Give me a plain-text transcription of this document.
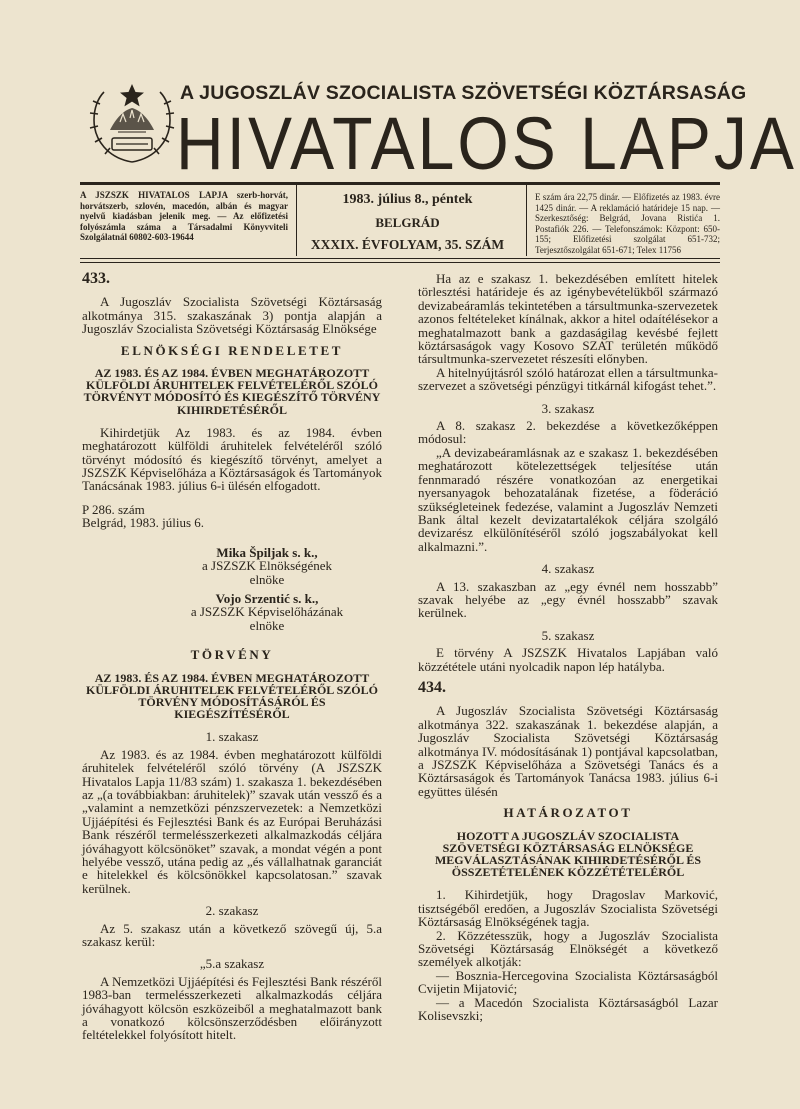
A JUGOSZLÁV SZOCIALISTA SZÖVETSÉGI KÖZTÁRSASÁG
HIVATALOS LAPJA
A JSZSZK HIVATALOS LAPJA szerb-horvát, horvátszerb, szlovén, macedón, albán és magyar nyelvű kiadásban jelenik meg. — Az előfizetési folyószámla száma a Társadalmi Könyvviteli Szolgálatnál 60802-603-19644
1983. július 8., péntek
BELGRÁD
XXXIX. ÉVFOLYAM, 35. SZÁM
E szám ára 22,75 dinár. — Előfizetés az 1983. évre 1425 dinár. — A reklamáció határideje 15 nap. — Szerkesztőség: Belgrád, Jovana Ristića 1. Postafiók 226. — Telefonszámok: Központ: 650-155; Előfizetési szolgálat 651-732; Terjesztőszolgálat 651-671; Telex 11756
433.

A Jugoszláv Szocialista Szövetségi Köztársaság alkotmánya 315. szakaszának 3) pontja alapján a Jugoszláv Szocialista Szövetségi Köztársaság Elnöksége

ELNÖKSÉGI RENDELETET

AZ 1983. ÉS AZ 1984. ÉVBEN MEGHATÁROZOTT KÜLFÖLDI ÁRUHITELEK FELVÉTELÉRŐL SZÓLÓ TÖRVÉNYT MÓDOSÍTÓ ÉS KIEGÉSZÍTŐ TÖRVÉNY KIHIRDETÉSÉRŐL

Kihirdetjük Az 1983. és az 1984. évben meghatározott külföldi áruhitelek felvételéről szóló törvényt módosító és kiegészítő törvényt, amelyet a JSZSZK Képviselőháza a Köztársaságok és Tartományok Tanácsának 1983. július 6-i ülésén elfogadott.

P 286. szám
Belgrád, 1983. július 6.
Mika Špiljak s. k.,
a JSZSZK Elnökségének
elnöke
Vojo Srzentić s. k.,
a JSZSZK Képviselőházának
elnöke
TÖRVÉNY

AZ 1983. ÉS AZ 1984. ÉVBEN MEGHATÁROZOTT KÜLFÖLDI ÁRUHITELEK FELVÉTELÉRŐL SZÓLÓ TÖRVÉNY MÓDOSÍTÁSÁRÓL ÉS KIEGÉSZÍTÉSÉRŐL

1. szakasz

Az 1983. és az 1984. évben meghatározott külföldi áruhitelek felvételéről szóló törvény (A JSZSZK Hivatalos Lapja 11/83 szám) 1. szakasza 1. bekezdésében az „(a továbbiakban: áruhitelek)” szavak után vessző és a „valamint a nemzetközi pénzszervezetek: a Nemzetközi Ujjáépítési és Fejlesztési Bank és az Európai Beruházási Bank részéről termelésszerkezeti alkalmazkodás céljára jóváhagyott kölcsönöket” szavak, a mondat végén a pont helyébe vessző, utána pedig az „és vállalhatnak garanciát e hitelekkel és kölcsönökkel kapcsolatosan.” szavak kerülnek.

2. szakasz

Az 5. szakasz után a következő szövegű új, 5.a szakasz kerül:

„5.a szakasz

A Nemzetközi Ujjáépítési és Fejlesztési Bank részéről 1983-ban termelésszerkezeti alkalmazkodás céljára jóváhagyott kölcsön eszközeiből a meghatalmazott bank a vonatkozó kölcsönszerződésben előirányzott feltételekkel folyósított hitelt.

Ha az e szakasz 1. bekezdésében említett hitelek törlesztési határideje és az igénybevételükből származó devizabeáramlás tekintetében a társultmunka-szervezetek azonos feltételeket kínálnak, akkor a hitel odaítélésekor a meghatalmazott bank a gazdaságilag kevésbé fejlett köztársaságok vagy Kosovo SZAT területén működő társultmunka-szervezetet részesíti előnyben.

A hitelnyújtásról szóló határozat ellen a társultmunka-szervezet a szövetségi pénzügyi titkárnál kifogást tehet.”.

3. szakasz

A 8. szakasz 2. bekezdése a következőképpen módosul:

„A devizabeáramlásnak az e szakasz 1. bekezdésében meghatározott kötelezettségek teljesítése után fennmaradó részére vonatkozóan az energetikai nyersanyagok behozatalának fizetése, a föderáció szükségleteinek fedezése, valamint a Jugoszláv Nemzeti Bank által kezelt devizatartalékok céljára szolgáló devizarész elkülönítéséről szóló jogszabályokat kell alkalmazni.”.

4. szakasz

A 13. szakaszban az „egy évnél nem hosszabb” szavak helyébe az „egy évnél hosszabb” szavak kerülnek.

5. szakasz

E törvény A JSZSZK Hivatalos Lapjában való közzététele utáni nyolcadik napon lép hatályba.

434.

A Jugoszláv Szocialista Szövetségi Köztársaság alkotmánya 322. szakaszának 1. bekezdése alapján, a Jugoszláv Szocialista Szövetségi Köztársaság alkotmánya IV. módosításának 1) pontjával kapcsolatban, a JSZSZK Képviselőháza a Szövetségi Tanács és a Köztársaságok és Tartományok Tanácsa 1983. július 6-i együttes ülésén

HATÁROZATOT

HOZOTT A JUGOSZLÁV SZOCIALISTA SZÖVETSÉGI KÖZTÁRSASÁG ELNÖKSÉGE MEGVÁLASZTÁSÁNAK KIHIRDETÉSÉRŐL ÉS ÖSSZETÉTELÉNEK KÖZZÉTÉTELÉRŐL

1. Kihirdetjük, hogy Dragoslav Marković, tisztségéből eredően, a Jugoszláv Szocialista Szövetségi Köztársaság Elnökségének tagja.

2. Közzétesszük, hogy a Jugoszláv Szocialista Szövetségi Köztársaság Elnökségét a következő személyek alkotják:

— Bosznia-Hercegovina Szocialista Köztársaságból Cvijetin Mijatović;

— a Macedón Szocialista Köztársaságból Lazar Kolisevszki;
